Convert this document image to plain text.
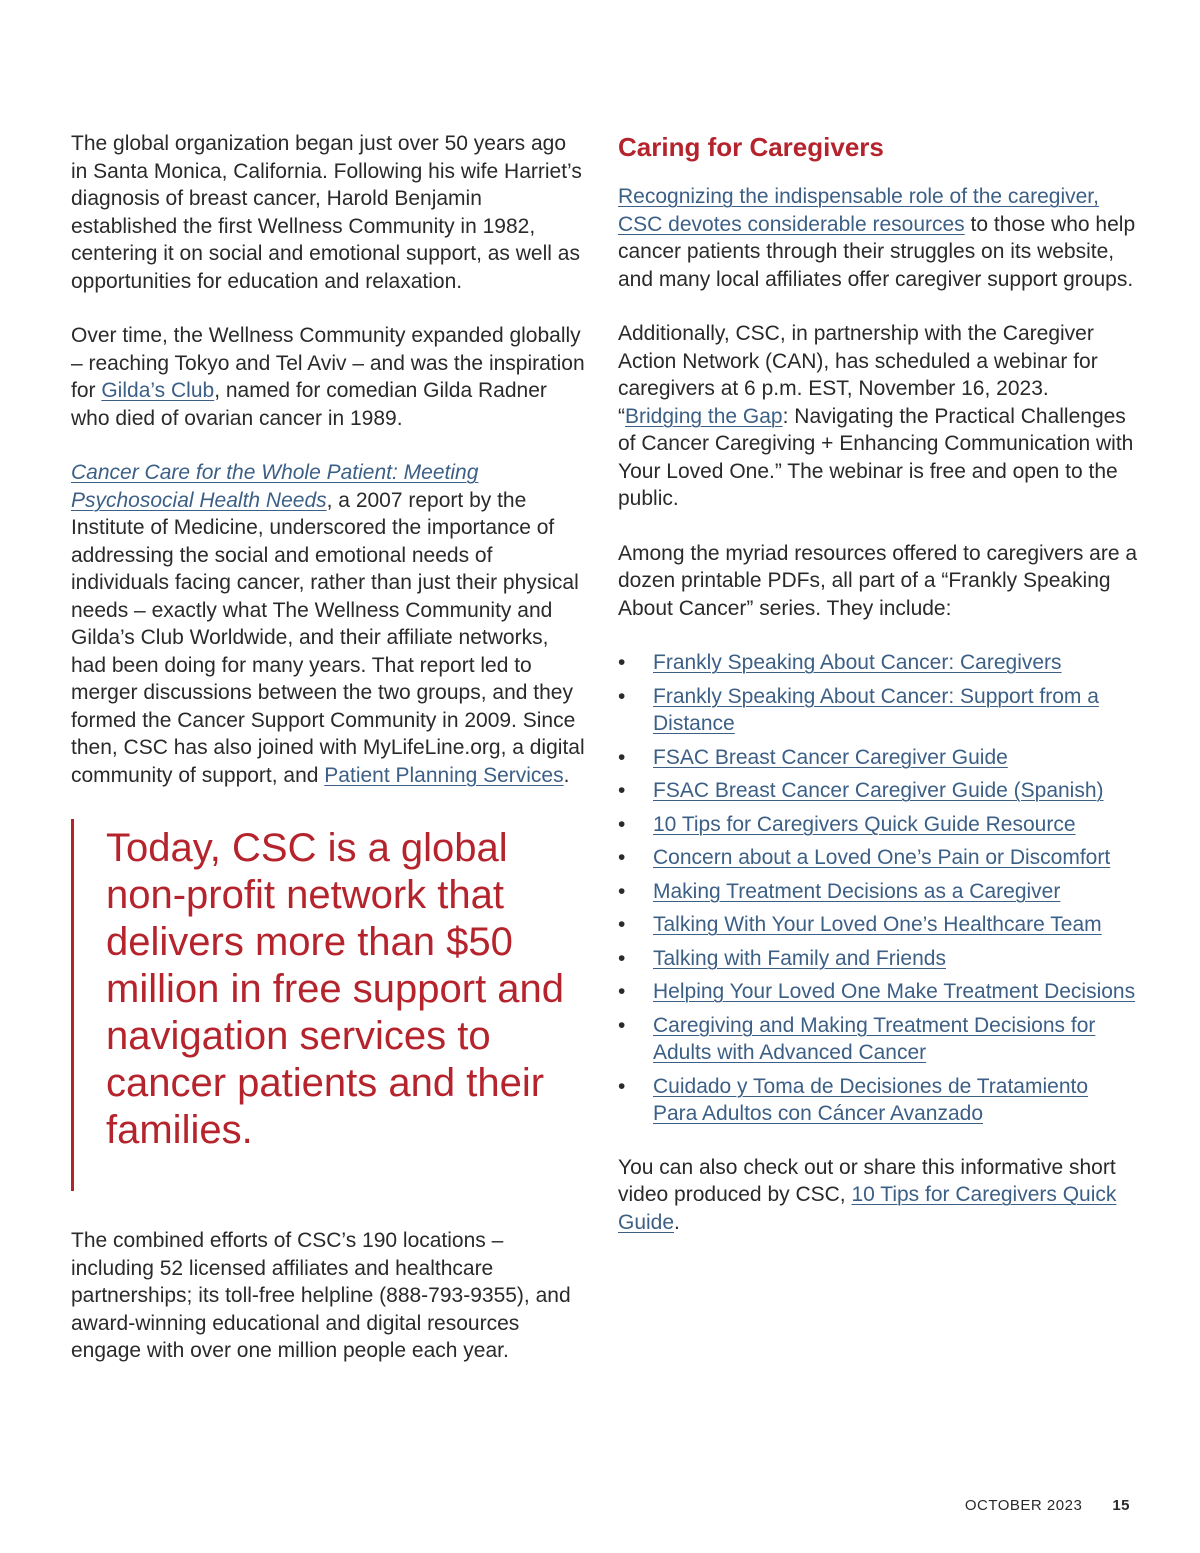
The global organization began just over 50 years ago in Santa Monica, California. Following his wife Harriet’s diagnosis of breast cancer, Harold Benjamin established the first Wellness Community in 1982, centering it on social and emotional support, as well as opportunities for education and relaxation.

Over time, the Wellness Community expanded globally – reaching Tokyo and Tel Aviv – and was the inspiration for Gilda’s Club, named for comedian Gilda Radner who died of ovarian cancer in 1989.

Cancer Care for the Whole Patient: Meeting Psychosocial Health Needs, a 2007 report by the Institute of Medicine, underscored the importance of addressing the social and emotional needs of individuals facing cancer, rather than just their physical needs – exactly what The Wellness Community and Gilda’s Club Worldwide, and their affiliate networks, had been doing for many years. That report led to merger discussions between the two groups, and they formed the Cancer Support Community in 2009. Since then, CSC has also joined with MyLifeLine.org, a digital community of support, and Patient Planning Services.

Today, CSC is a global non-profit network that delivers more than $50 million in free support and navigation services to cancer patients and their families.

The combined efforts of CSC’s 190 locations – including 52 licensed affiliates and healthcare partnerships; its toll-free helpline (888-793-9355), and award-winning educational and digital resources engage with over one million people each year.

Caring for Caregivers

Recognizing the indispensable role of the caregiver, CSC devotes considerable resources to those who help cancer patients through their struggles on its website, and many local affiliates offer caregiver support groups.

Additionally, CSC, in partnership with the Caregiver Action Network (CAN), has scheduled a webinar for caregivers at 6 p.m. EST, November 16, 2023. “Bridging the Gap: Navigating the Practical Challenges of Cancer Caregiving + Enhancing Communication with Your Loved One.” The webinar is free and open to the public.

Among the myriad resources offered to caregivers are a dozen printable PDFs, all part of a “Frankly Speaking About Cancer” series. They include:

• Frankly Speaking About Cancer: Caregivers
• Frankly Speaking About Cancer: Support from a Distance
• FSAC Breast Cancer Caregiver Guide
• FSAC Breast Cancer Caregiver Guide (Spanish)
• 10 Tips for Caregivers Quick Guide Resource
• Concern about a Loved One’s Pain or Discomfort
• Making Treatment Decisions as a Caregiver
• Talking With Your Loved One’s Healthcare Team
• Talking with Family and Friends
• Helping Your Loved One Make Treatment Decisions
• Caregiving and Making Treatment Decisions for Adults with Advanced Cancer
• Cuidado y Toma de Decisiones de Tratamiento Para Adultos con Cáncer Avanzado

You can also check out or share this informative short video produced by CSC, 10 Tips for Caregivers Quick Guide.

OCTOBER 2023 15
